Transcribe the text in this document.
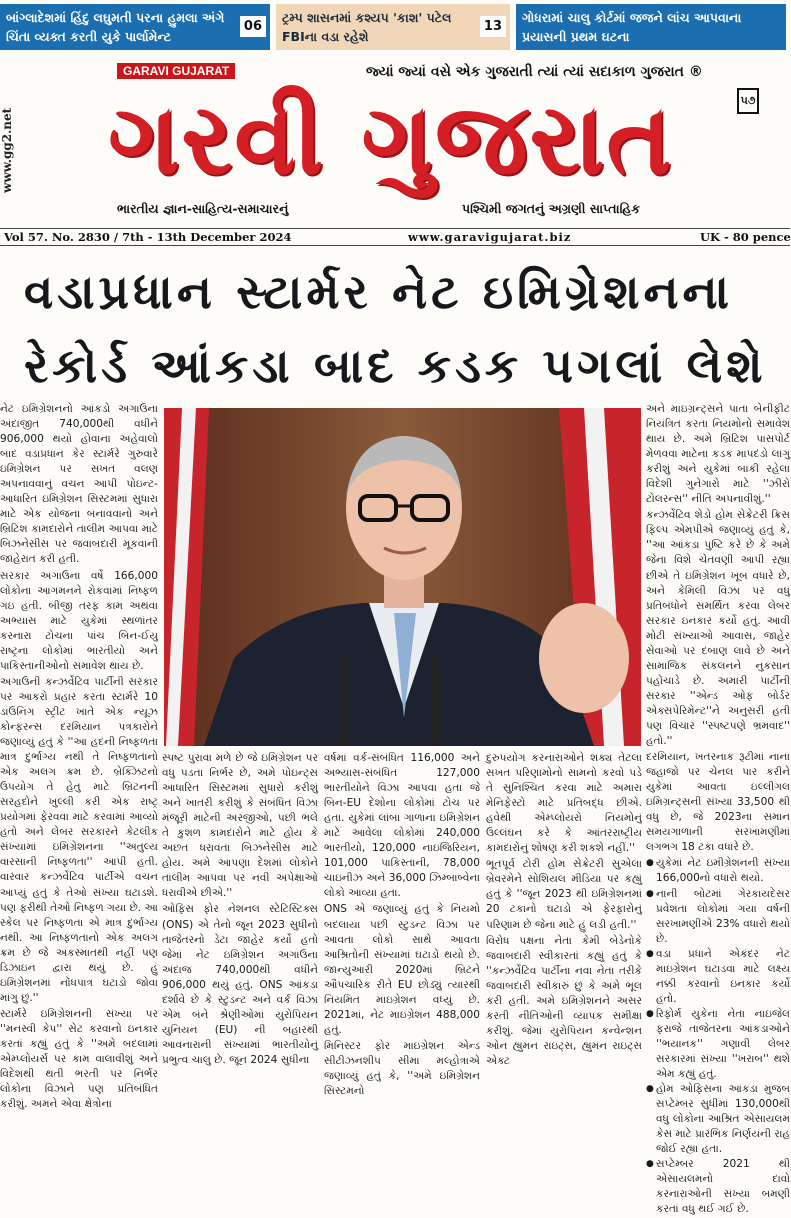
બાંગ્લાદેશમાં હિંદુ લઘુમતી પરના હુમલા અંગે ચિંતા વ્યક્ત કરતી યુકે પાર્લામેન્ટ
06
ટ્રમ્પ શાસનમાં કશ્યપ 'કાશ' પટેલ FBIના વડા રહેશે
13
ગોધરામાં ચાલુ કોર્ટમાં જજને લાંચ આપવાના પ્રયાસની પ્રથમ ઘટના
www.gg2.net
GARAVI GUJARAT	જ્યાં જ્યાં વસે એક ગુજરાતી ત્યાં ત્યાં સદાકાળ ગુજરાત ®
ગરવી ગુજરાત	૫૭
ભારતીય જ્ઞાન-સાહિત્ય-સમાચારનું	પશ્ચિમી જગતનું અગ્રણી સાપ્તાહિક
Vol 57. No. 2830 / 7th - 13th December 2024	www.garavigujarat.biz	UK - 80 pence
વડાપ્રધાન સ્ટાર્મર નેટ ઇમિગ્રેશનના
રેકોર્ડ આંકડા બાદ કડક પગલાં લેશે

નેટ ઇમિગ્રેશનનો આંકડો અગાઉના અંદાજીત 740,000થી વધીને 906,000 થયો હોવાના અહેવાલો બાદ વડાપ્રધાન કેર સ્ટાર્મરે ગુરુવારે ઇમિગ્રેશન પર સખત વલણ અપનાવવાનું વચન આપી પોઇન્ટ-આધારિત ઇમિગ્રેશન સિસ્ટમમાં સુધારા માટે એક યોજના બનાવવાનો અને બ્રિટિશ કામદારોને તાલીમ આપવા માટે બિઝનેસીસ પર જવાબદારી મૂકવાની જાહેરાત કરી હતી.

સરકાર અગાઉના વર્ષે 166,000 લોકોના આગમનને રોકવામાં નિષ્ફળ ગઇ હતી. બીજી તરફ કામ અથવા અભ્યાસ માટે યુકેમાં સ્થળાંતર કરનારા ટોચના પાંચ બિન-ઈયુ રાષ્ટ્રના લોકોમાં ભારતીયો અને પાકિસ્તાનીઓનો સમાવેશ થાય છે.

અગાઉની કન્ઝર્વેટિવ પાર્ટીની સરકાર પર આકરો પ્રહાર કરતા સ્ટાર્મરે 10 ડાઉનિંગ સ્ટ્રીટ ખાતે એક ન્યૂઝ કોન્ફરન્સ દરમિયાન પત્રકારોને જણાવ્યું હતું કે ''આ હદની નિષ્ફળતા માત્ર દુર્ભાગ્ય નથી તે નિષ્ફળતાનો એક અલગ ક્રમ છે. બ્રેક્ઝિટનો ઉપયોગ તે હેતુ માટે બ્રિટનની સરહદોને ખુલ્લી કરી એક રાષ્ટ્ર પ્રયોગમાં ફેરવવા માટે કરવામાં આવ્યો હતો અને લેબર સરકારને કેટલીક સંખ્યામાં ઇમિગ્રેશનના ''અતુલ્ય વારસાની નિષ્ફળતા'' આપી હતી. વારંવાર કન્ઝર્વેટિવ પાર્ટીએ વચન આપ્યું હતું કે તેઓ સંખ્યા ઘટાડશે. પણ ફરીથી તેઓ નિષ્ફળ ગયા છે. આ સ્કેલ પર નિષ્ફળતા એ માત્ર દુર્ભાગ્ય નથી. આ નિષ્ફળતાનો એક અલગ ક્રમ છે જે અકસ્માતથી નહીં પણ ડિઝાઇન દ્વારા થયું છે. હું ઇમિગ્રેશનમાં નોંધપાત્ર ઘટાડો જોવા માંગુ છું.''

સ્ટાર્મરે ઇમિગ્રેશનની સંખ્યા પર ''મનસ્વી કેપ'' સેટ કરવાનો ઇનકાર કરતાં કહ્યું હતું કે ''અમે બદલામાં એમ્પ્લોયર્સ પર કામ વાલાવીશું અને વિદેશથી થતી ભરતી પર નિર્ભર લોકોના વિઝાને પણ પ્રતિબંધિત કરીશું. અમને એવા ક્ષેત્રોના

સ્પષ્ટ પુરાવા મળે છે જે ઇમિગ્રેશન પર વધુ પડતા નિર્ભર છે, અમે પોઇન્ટ્સ આધારિત સિસ્ટમમાં સુધારો કરીશું અને ખાતરી કરીશું કે સંબંધિત વિઝા મંજૂરી માટેની અરજીઓ, પછી ભલે તે કુશળ કામદારોને માટે હોય કે અછત ધરાવતા બિઝનેસીસ માટે હોય. અમે આપણા દેશમાં લોકોને તાલીમ આપવા પર નવી અપેક્ષાઓ ધરાવીએ છીએ.''

ઓફિસ ફોર નેશનલ સ્ટેટિસ્ટિક્સ (ONS) એ તેનો જૂન 2023 સુધીનો તાજેતરનો ડેટા જાહેર કર્યો હતો જેમાં નેટ ઇમિગ્રેશન અગાઉના અંદાજ 740,000થી વધીને 906,000 થયું હતું. ONS આંકડા દર્શાવે છે કે સ્ટુડન્ટ અને વર્ક વિઝા એમ બંને શ્રેણીઓમાં યુરોપિયન યુનિયન (EU) ની બહારથી આવનારાની સંખ્યામાં ભારતીયોનું પ્રભુત્વ ચાલુ છે. જૂન 2024 સુધીના

વર્ષમાં વર્ક-સંબંધિત 116,000 અને અભ્યાસ-સંબંધિત 127,000 ભારતીયોને વિઝા આપવા હતા જે બિન-EU દેશોના લોકોમાં ટોચ પર હતા. યુકેમાં લાંબા ગાળાના ઇમિગ્રેશન માટે આવેલા લોકોમાં 240,000 ભારતીયો, 120,000 નાઇજિરિયન, 101,000 પાકિસ્તાની, 78,000 ચાઇનીઝ અને 36,000 ઝિમ્બાબ્વેના લોકો આવ્યા હતા.

ONS એ જણાવ્યું હતું કે નિયમો બદલાયા પછી સ્ટુડન્ટ વિઝા પર આવતા લોકો સાથે આવતા આશ્રિતોની સંખ્યામાં ઘટાડો થયો છે. જાન્યુઆરી 2020માં બ્રિટને ઔપચારિક રીતે EU છોડ્યું ત્યારથી નિયમિત માઇગ્રેશન વધ્યું છે. 2021માં, નેટ માઇગ્રેશન 488,000 હતું.

મિનિસ્ટર ફોર માઇગ્રેશન એન્ડ સીટીઝનશીપ સીમા મલ્હોત્રાએ જણાવ્યું હતું કે, ''અમે ઇમિગ્રેશન સિસ્ટમનો

દુરુપયોગ કરનારાઓને શક્ય તેટલા સખત પરિણામોનો સામનો કરવો પડે તે સુનિશ્ચિત કરવા માટે અમારા મેનિફેસ્ટો માટે પ્રતિબદ્ધ છીએ. હવેથી એમ્પ્લોયરો નિયમોનું ઉલ્લંઘન કરે કે આંતરરાષ્ટ્રીય કામદારોનું શોષણ કરી શકશે નહીં.''

ભૂતપૂર્વ ટોરી હોમ સેક્રેટરી સુએલા બ્રેવરમેને સોશિયલ મીડિયા પર કહ્યું હતું કે ''જૂન 2023 થી ઇમિગ્રેશનમાં 20 ટકાનો ઘટાડો એ ફેરફારોનું પરિણામ છે જેના માટે હું લડી હતી.''

વિરોધ પક્ષના નેતા કેમી બેડેનોકે જવાબદારી સ્વીકારતાં કહ્યું હતું કે ''કન્ઝર્વેટિવ પાર્ટીના નવા નેતા તરીકે જવાબદારી સ્વીકારું છું કે અમે ભૂલ કરી હતી. અમે ઇમિગ્રેશનને અસર કરતી નીતિઓની વ્યાપક સમીક્ષા કરીશું. જેમાં યુરોપિયન કન્વેન્શન ઓન હ્યુમન રાઇટ્સ, હ્યુમન રાઇટ્સ એક્ટ

અને માઇગ્રન્ટ્સને પાતા બેનીફીટ નિયંત્રિત કરતા નિયમોનો સમાવેશ થાય છે. અમે બ્રિટિશ પાસપોર્ટ મેળવવા માટેના કડક માપદંડો લાગુ કરીશું અને યુકેમાં બાકી રહેલા વિદેશી ગુનેગારો માટે ''ઝીરો ટોલરન્સ'' નીતિ અપનાવીશું.''

કન્ઝર્વેટિવ શેડો હોમ સેક્રેટરી ક્રિસ ફિલ્પ એમપીએ જણાવ્યું હતું કે, ''આ આંકડા પુષ્ટિ કરે છે કે અમે જેના વિશે ચેતવણી આપી રહ્યા છીએ તે ઇમિગ્રેશન ખૂબ વધારે છે, અને કેમિલી વિઝા પર વધુ પ્રતિબંધોને સમર્થિત કરવા લેબર સરકાર ઇનકાર કર્યો હતું. આવી મોટી સંખ્યાઓ આવાસ, જાહેર સેવાઓ પર દબાણ લાવે છે અને સામાજિક સંકલનને નુકસાન પહોંચાડે છે. અમારી પાર્ટીની સરકાર ''એન્ડ ઓફ બોર્ડર એક્સપેરિમેન્ટ''ને અનુસરી હતી પણ વિચાર ''સ્પષ્ટપણે ભ્રમવાદ'' હતો.''

દરમિયાન, ખતરનાક રૂટીમાં નાના જહાજો પર ચેનલ પાર કરીને યુકેમાં આવતા ઇલ્લીગલ ઇમિગ્રન્ટ્સની સંખ્યા 33,500 થી વધુ છે, જે 2023ના સમાન સમયગાળાની સરખામણીમાં લગભગ 18 ટકા વધારે છે.

● યુકેમાં નેટ ઇમીગ્રેશનની સંખ્યા 166,000નો વધારો થયો.
● નાની બોટમાં ગેરકાયદેસર પ્રવેશતા લોકોમાં ગયા વર્ષની સરખામણીએ 23% વધારો થયો છે.
● વડા પ્રધાને એકંદર નેટ માઇગ્રેશન ઘટાડવા માટે લક્ષ્ય નક્કી કરવાનો ઇનકાર કર્યો હતો.
● રિફોર્મ યુકેના નેતા નાઇજેલ ફરાજે તાજેતરના આંકડાઓને ''ભયાનક'' ગણાવી લેબર સરકારમાં સંખ્યા ''ખરાબ'' થશે એમ કહ્યું હતું.
● હોમ ઓફિસના આંકડા મુજબ સપ્ટેમ્બર સુધીમાં 130,000થી વધુ લોકોના આશ્રિત એસાયલમ કેસ માટે પ્રારંભિક નિર્ણયની રાહ જોઈ રહ્યા હતા.
● સપ્ટેમ્બર 2021 થી એસાયલમનો દાવો કરનારાઓની સંખ્યા બમણી કરતાં વધુ થઈ ગઈ છે.
